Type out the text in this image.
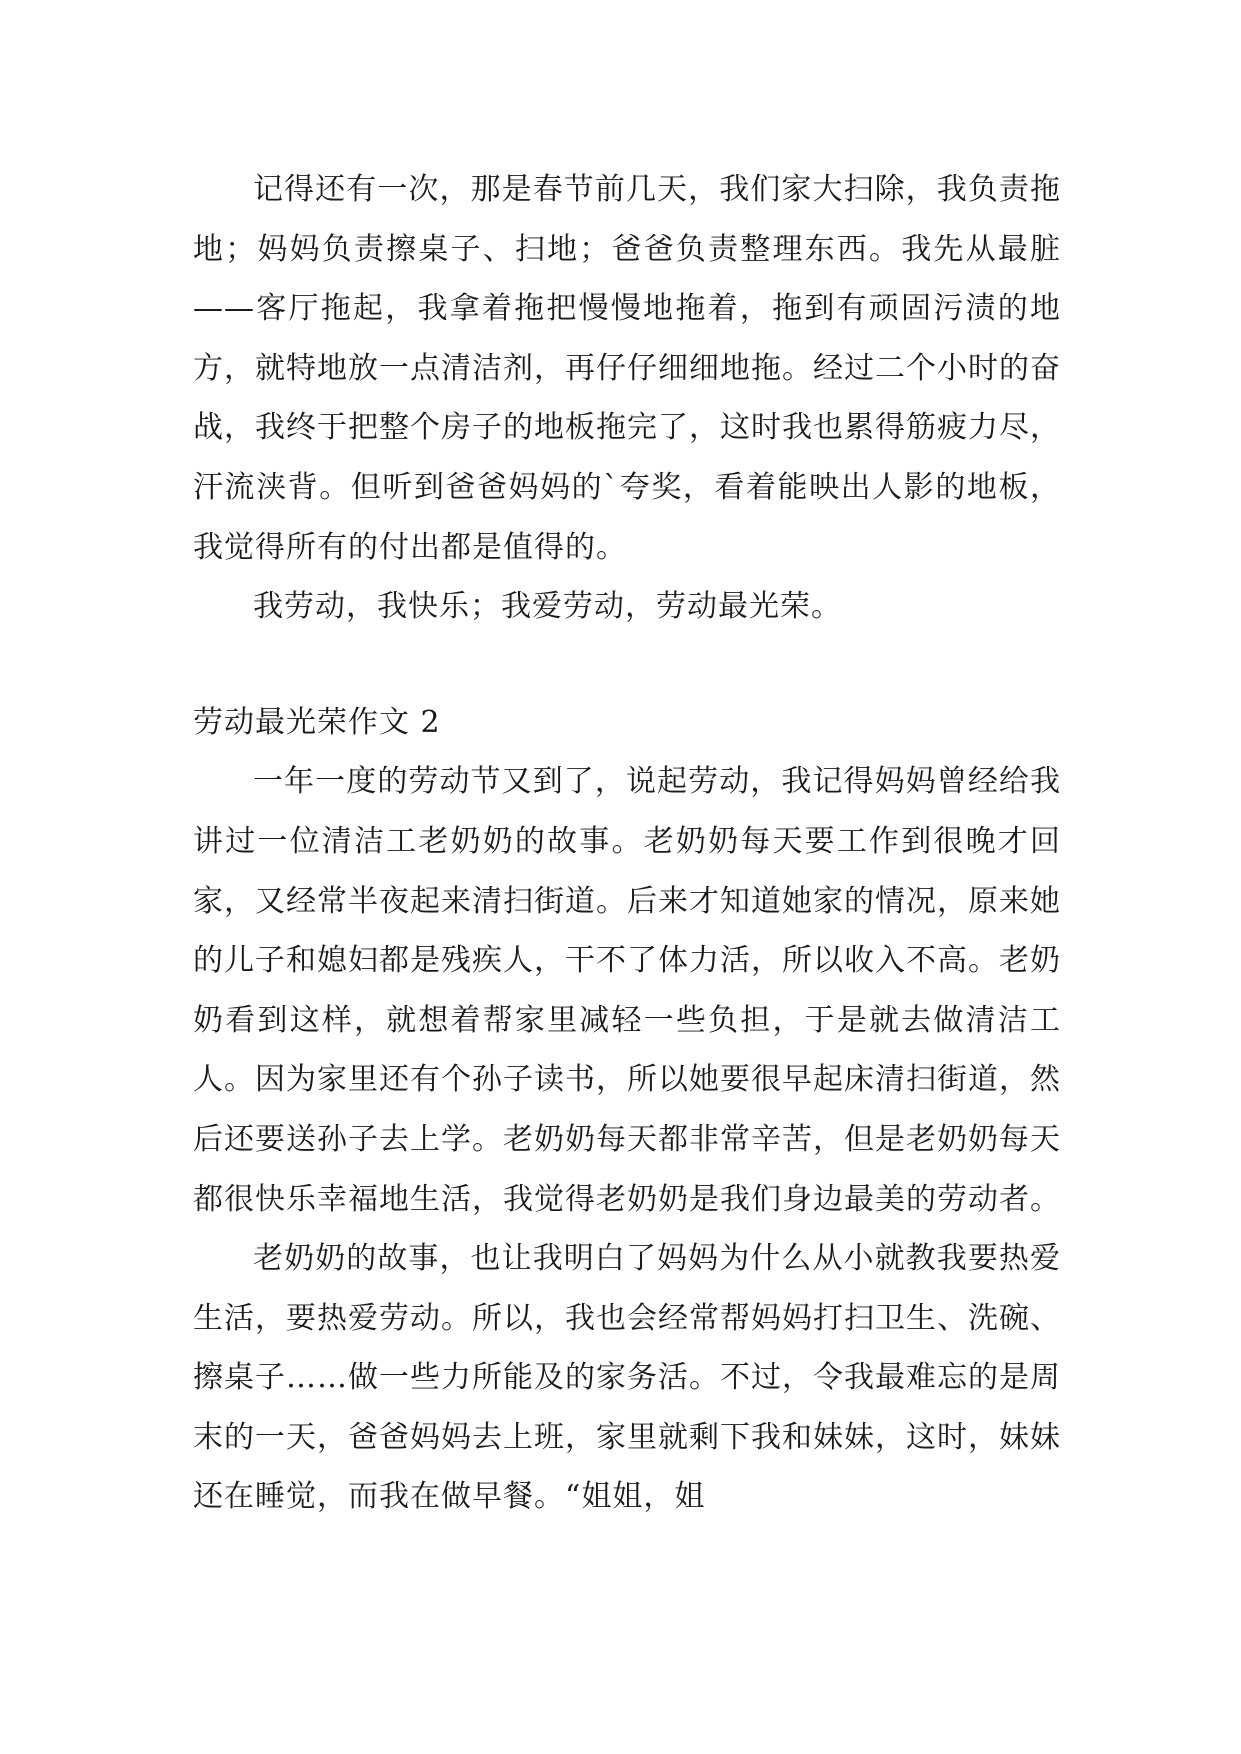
记得还有一次，那是春节前几天，我们家大扫除，我负责拖地；妈妈负责擦桌子、扫地；爸爸负责整理东西。我先从最脏——客厅拖起，我拿着拖把慢慢地拖着，拖到有顽固污渍的地方，就特地放一点清洁剂，再仔仔细细地拖。经过二个小时的奋战，我终于把整个房子的地板拖完了，这时我也累得筋疲力尽，汗流浃背。但听到爸爸妈妈的`夸奖，看着能映出人影的地板，我觉得所有的付出都是值得的。

我劳动，我快乐；我爱劳动，劳动最光荣。

劳动最光荣作文 2

一年一度的劳动节又到了，说起劳动，我记得妈妈曾经给我讲过一位清洁工老奶奶的故事。老奶奶每天要工作到很晚才回家，又经常半夜起来清扫街道。后来才知道她家的情况，原来她的儿子和媳妇都是残疾人，干不了体力活，所以收入不高。老奶奶看到这样，就想着帮家里减轻一些负担，于是就去做清洁工人。因为家里还有个孙子读书，所以她要很早起床清扫街道，然后还要送孙子去上学。老奶奶每天都非常辛苦，但是老奶奶每天都很快乐幸福地生活，我觉得老奶奶是我们身边最美的劳动者。

老奶奶的故事，也让我明白了妈妈为什么从小就教我要热爱生活，要热爱劳动。所以，我也会经常帮妈妈打扫卫生、洗碗、擦桌子……做一些力所能及的家务活。不过，令我最难忘的是周末的一天，爸爸妈妈去上班，家里就剩下我和妹妹，这时，妹妹还在睡觉，而我在做早餐。“姐姐，姐
